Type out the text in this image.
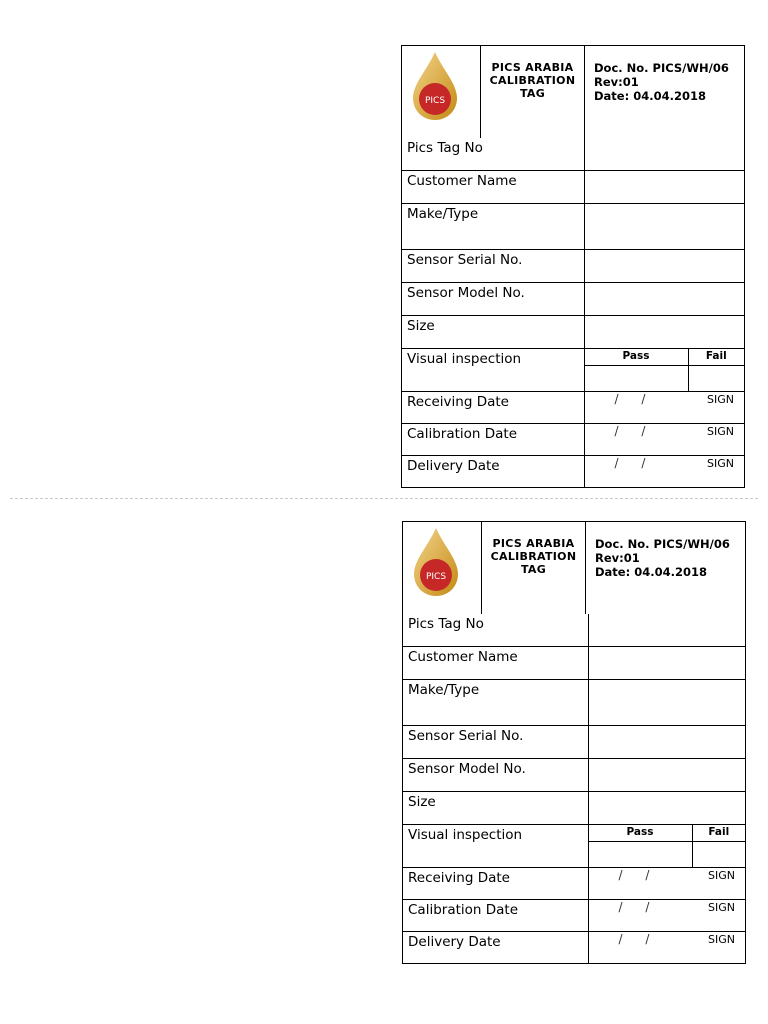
PICS

PICS ARABIA
CALIBRATION
TAG

Doc. No. PICS/WH/06
Rev:01
Date: 04.04.2018
Pics Tag No	

Customer Name	

Make/Type	

Sensor Serial No.	

Sensor Model No.	

Size	

Visual inspection	Pass Fail

Receiving Date	/      / SIGN

Calibration Date	/      / SIGN

Delivery Date	/      / SIGN
PICS

PICS ARABIA
CALIBRATION
TAG

Doc. No. PICS/WH/06
Rev:01
Date: 04.04.2018
Pics Tag No	

Customer Name	

Make/Type	

Sensor Serial No.	

Sensor Model No.	

Size	

Visual inspection	Pass Fail

Receiving Date	/      / SIGN

Calibration Date	/      / SIGN

Delivery Date	/      / SIGN
